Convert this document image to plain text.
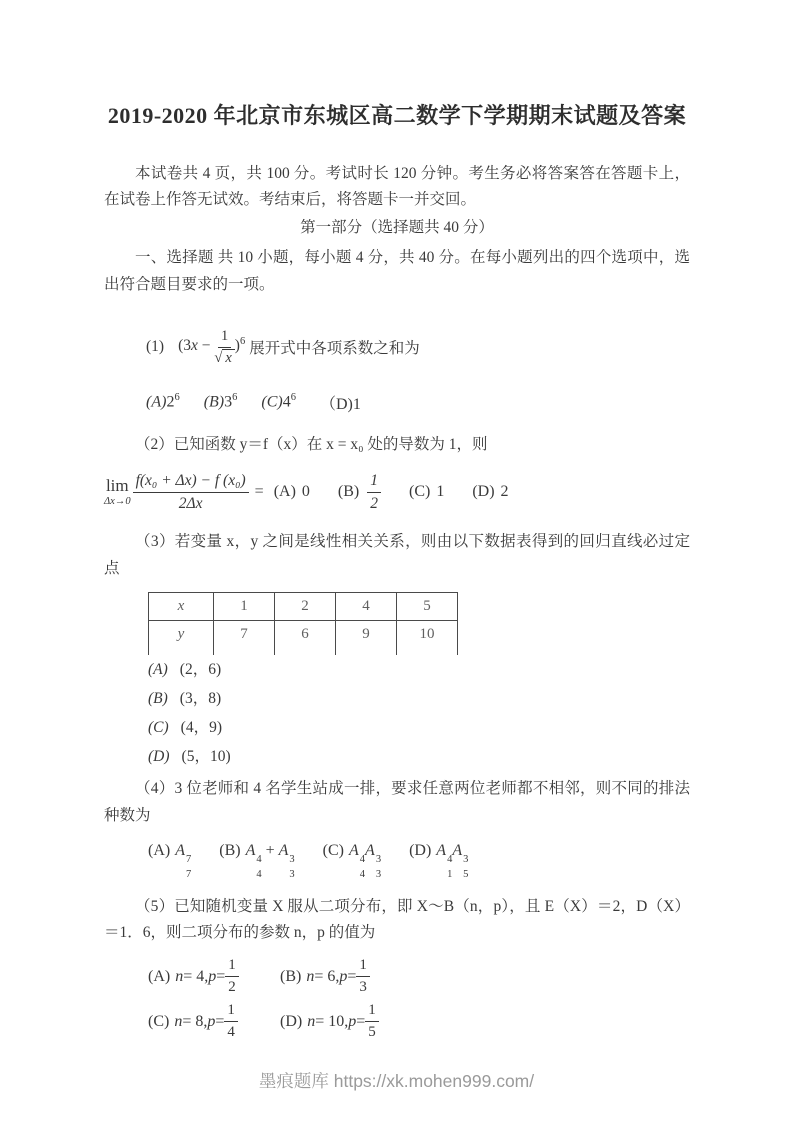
2019-2020 年北京市东城区高二数学下学期期末试题及答案

本试卷共 4 页，共 100 分。考试时长 120 分钟。考生务必将答案答在答题卡上，在试卷上作答无试效。考结束后，将答题卡一并交回。

第一部分（选择题共 40 分）

一、选择题 共 10 小题，每小题 4 分，共 40 分。在每小题列出的四个选项中，选出符合题目要求的一项。

(1) $(3x - \frac{1}{√ x} )^6$ 展开式中各项系数之和为
$(A)2^6$ $(B)3^6$ $(C)4^6$ （D)1

（2）已知函数 y＝f（x）在 x = x₀ 处的导数为 1，则

lim
$\Delta x\to 0 \frac{\text{f(x₀ + Δx) − f (x₀)}}{2\Delta x} = (A)$ 0 $(B) \frac{1}{2} (C)$ 1 (D) 2

（3）若变量 x，y 之间是线性相关关系，则由以下数据表得到的回归直线必过定点

x	1	2	4	5
y	7	6	9	10

(A) (2，6)

(B) (3，8)

(C) (4，9)

(D) (5，10)

（4）3 位老师和 4 名学生站成一排，要求任意两位老师都不相邻，则不同的排法种数为

(A) A
7
7
(B) A
4
4
+ A
3
3
(C) A
4
4
A
3
3
(D) A
4
1
A
3
5

（5）已知随机变量 X 服从二项分布，即 X～B（n，p），且 E（X）＝2，D（X）＝1．6，则二项分布的参数 n，p 的值为

(A) n = 4, $p = \frac{1}{2}$	(B) n = 6, $p = \frac{1}{3}$
(C) n = 8, $p = \frac{1}{4}$	(D) n = 10, $p = \frac{1}{5}$
墨痕题库 https://xk.mohen999.com/
